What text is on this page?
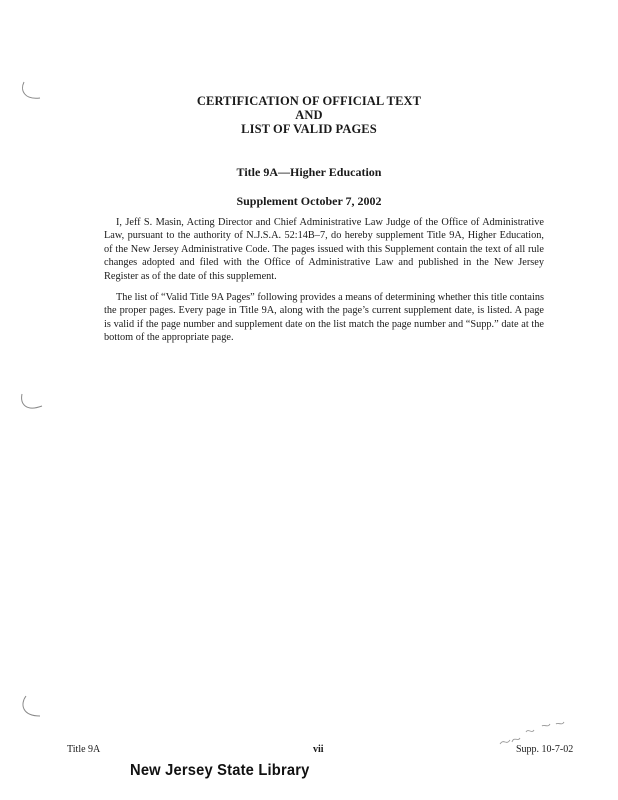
CERTIFICATION OF OFFICIAL TEXT
AND
LIST OF VALID PAGES
Title 9A—Higher Education
Supplement October 7, 2002

I, Jeff S. Masin, Acting Director and Chief Administrative Law Judge of the Office of Administrative Law, pursuant to the authority of N.J.S.A. 52:14B–7, do hereby supplement Title 9A, Higher Education, of the New Jersey Administrative Code. The pages issued with this Supplement contain the text of all rule changes adopted and filed with the Office of Administrative Law and published in the New Jersey Register as of the date of this supplement.

The list of “Valid Title 9A Pages” following provides a means of determining whether this title contains the proper pages. Every page in Title 9A, along with the page’s current supplement date, is listed. A page is valid if the page number and supplement date on the list match the page number and “Supp.” date at the bottom of the appropriate page.

Title 9A	vii	Supp. 10-7-02
New Jersey State Library
